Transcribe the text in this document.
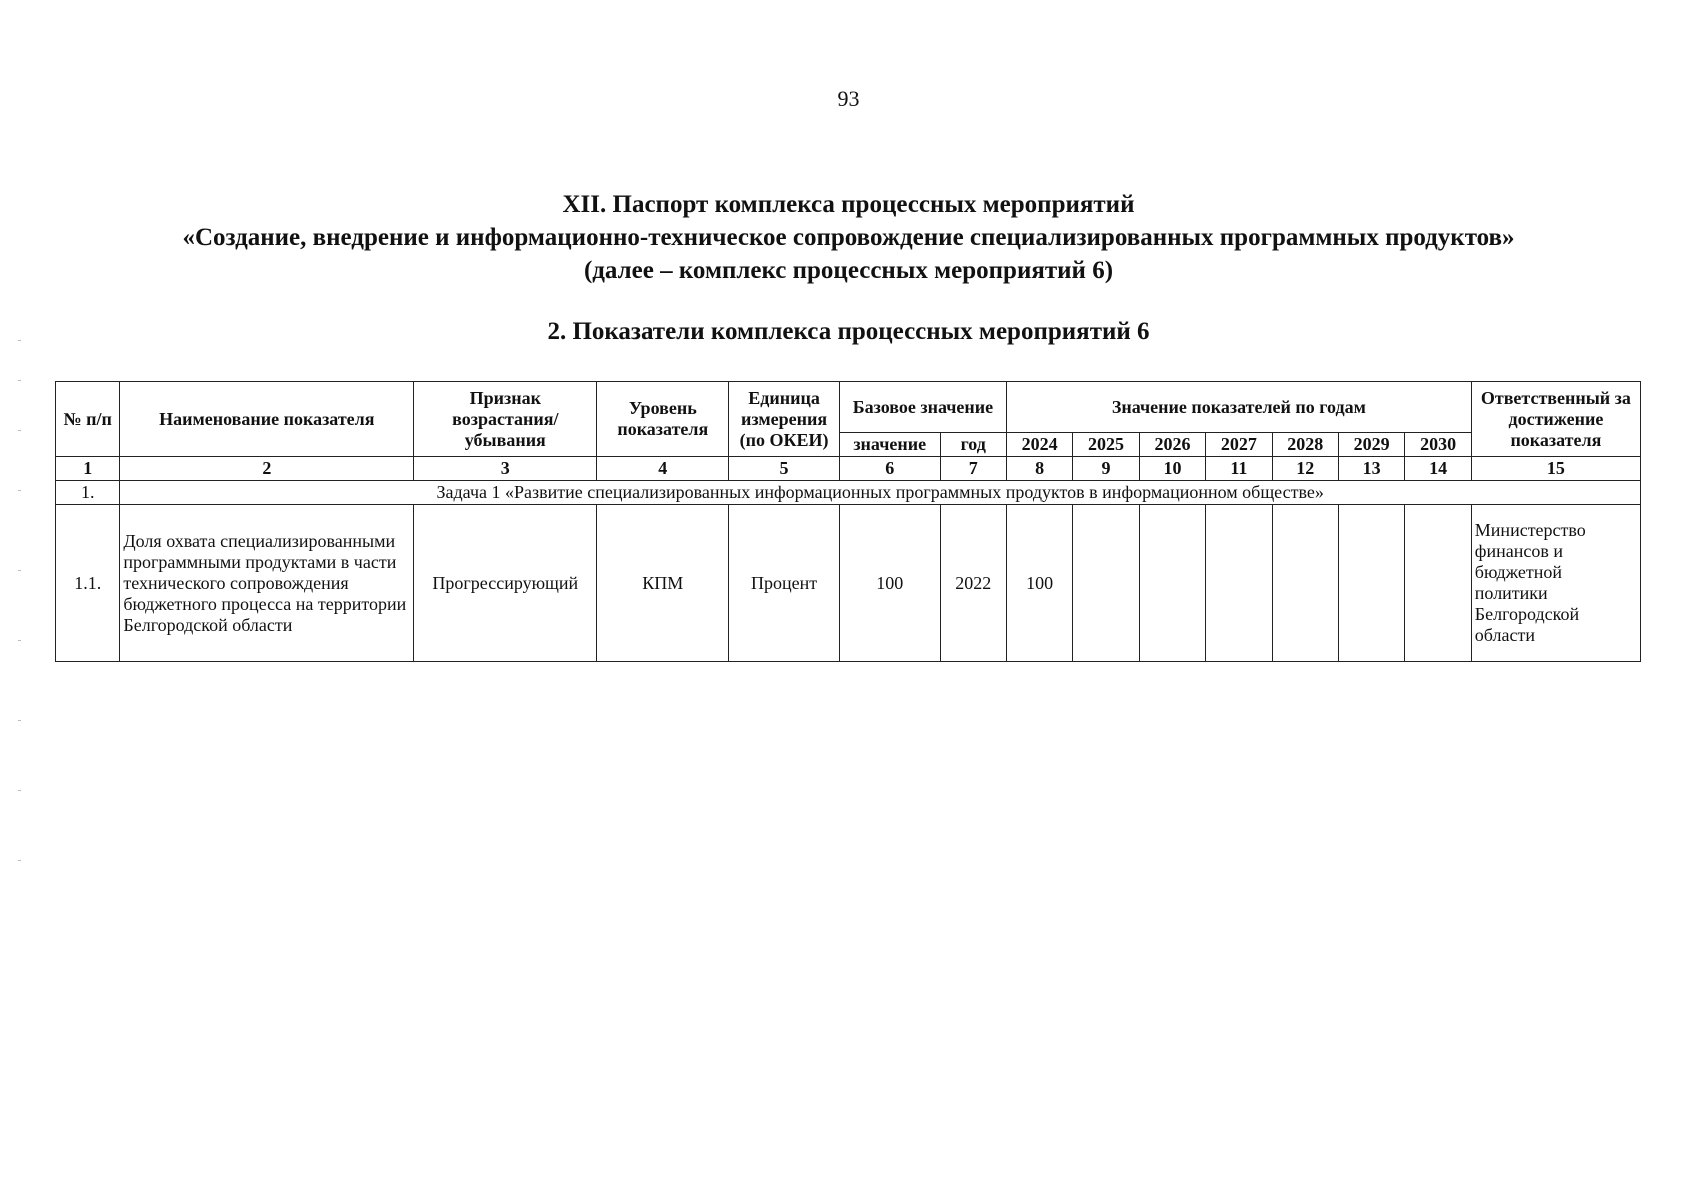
93
XII. Паспорт комплекса процессных мероприятий
«Создание, внедрение и информационно-техническое сопровождение специализированных программных продуктов»
(далее – комплекс процессных мероприятий 6)
2. Показатели комплекса процессных мероприятий 6
№ п/п	Наименование показателя	Признак возрастания/ убывания	Уровень показателя	Единица измерения (по ОКЕИ)	Базовое значение		Значение показателей по годам							Ответственный за достижение показателя
					значение	год	2024	2025	2026	2027	2028	2029	2030	
1	2	3	4	5	6	7	8	9	10	11	12	13	14	15
1.	Задача 1 «Развитие специализированных информационных программных продуктов в информационном обществе»													
1.1.	Доля охвата специализированными программными продуктами в части технического сопровождения бюджетного процесса на территории Белгородской области	Прогрессирующий	КПМ	Процент	100	2022	100							Министерство финансов и бюджетной политики Белгородской области
